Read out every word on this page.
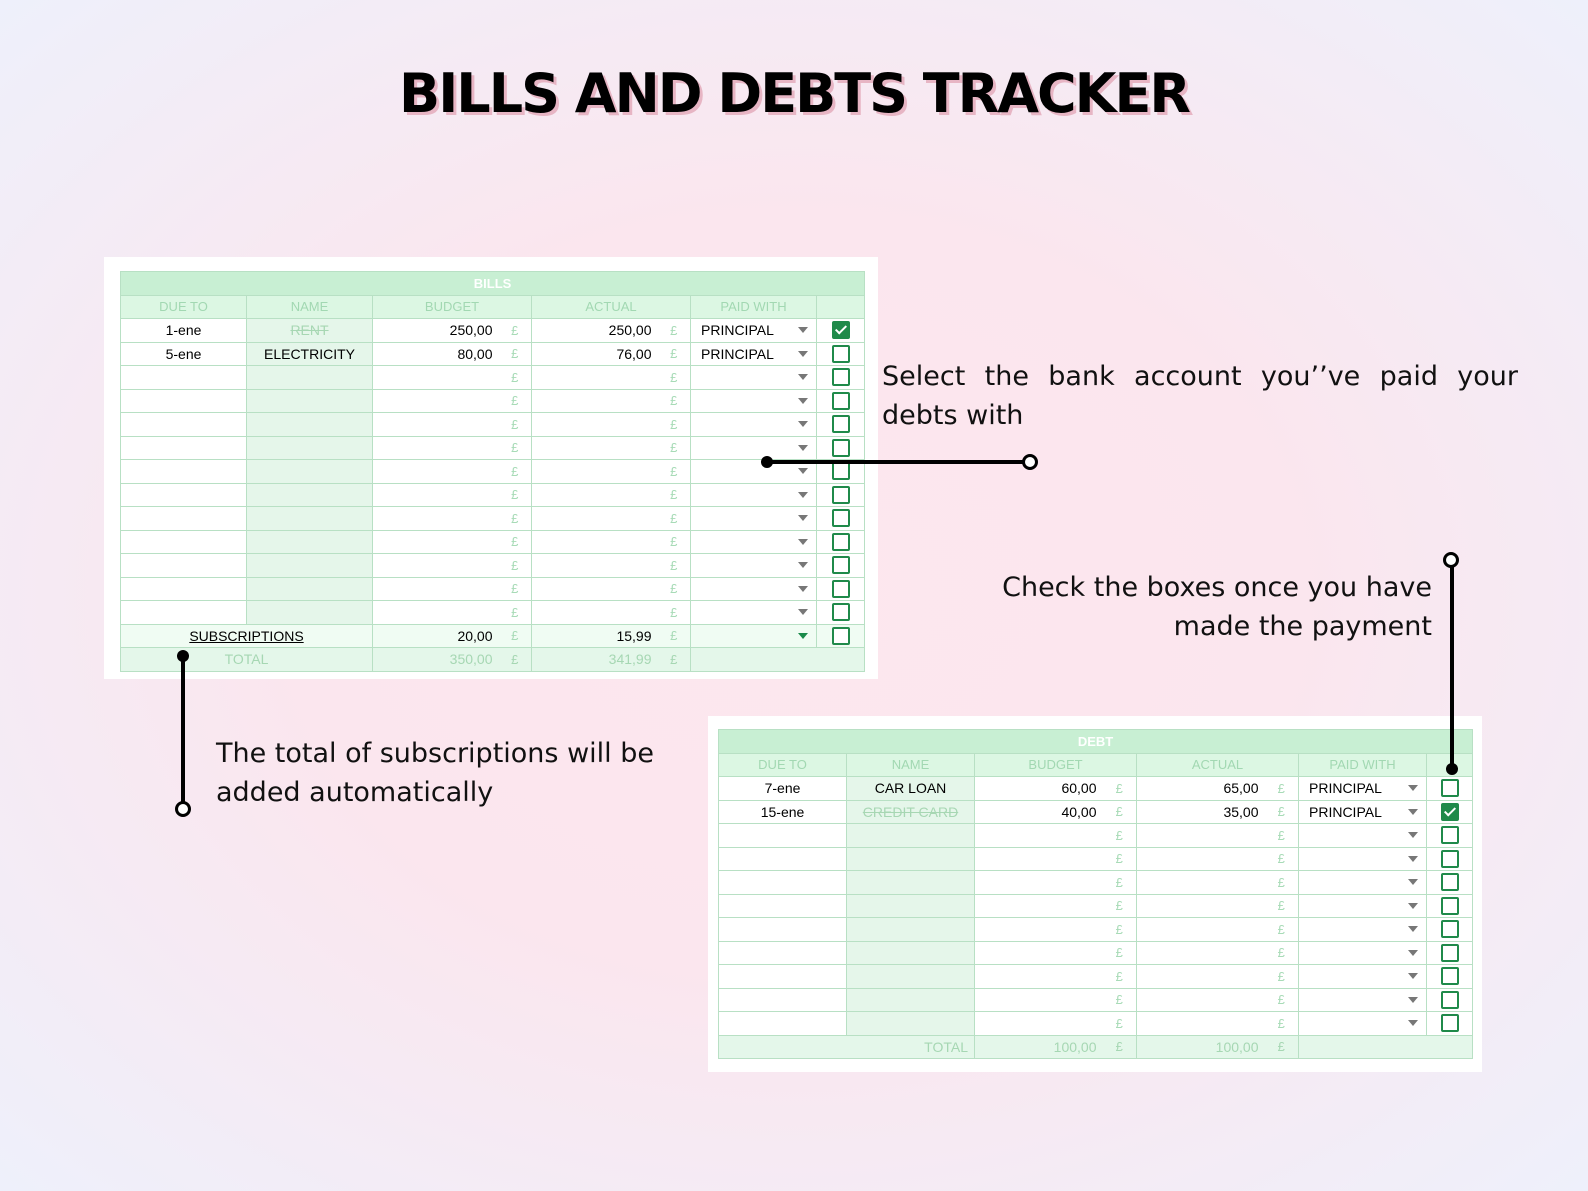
BILLS AND DEBTS TRACKER
BILLS							
DUE TO	NAME	BUDGET		ACTUAL		PAID WITH	
1-ene	RENT	250,00	£	250,00	£	PRINCIPAL

5-ene	ELECTRICITY	80,00	£	76,00	£	PRINCIPAL

			£		£	

			£		£	

			£		£	

			£		£	

			£		£	

			£		£	

			£		£	

			£		£	

			£		£	

			£		£	

			£		£	

SUBSCRIPTIONS		20,00	£	15,99	£	

TOTAL		350,00	£	341,99	£		
DEBT							
DUE TO	NAME	BUDGET		ACTUAL		PAID WITH	
7-ene	CAR LOAN	60,00	£	65,00	£	PRINCIPAL

15-ene	CREDIT CARD	40,00	£	35,00	£	PRINCIPAL

			£		£	

			£		£	

			£		£	

			£		£	

			£		£	

			£		£	

			£		£	

			£		£	

			£		£	

	TOTAL	100,00	£	100,00	£		
Select the bank account you’’ve paid your debts with
Check the boxes once you have made the payment
The total of subscriptions will be added automatically
